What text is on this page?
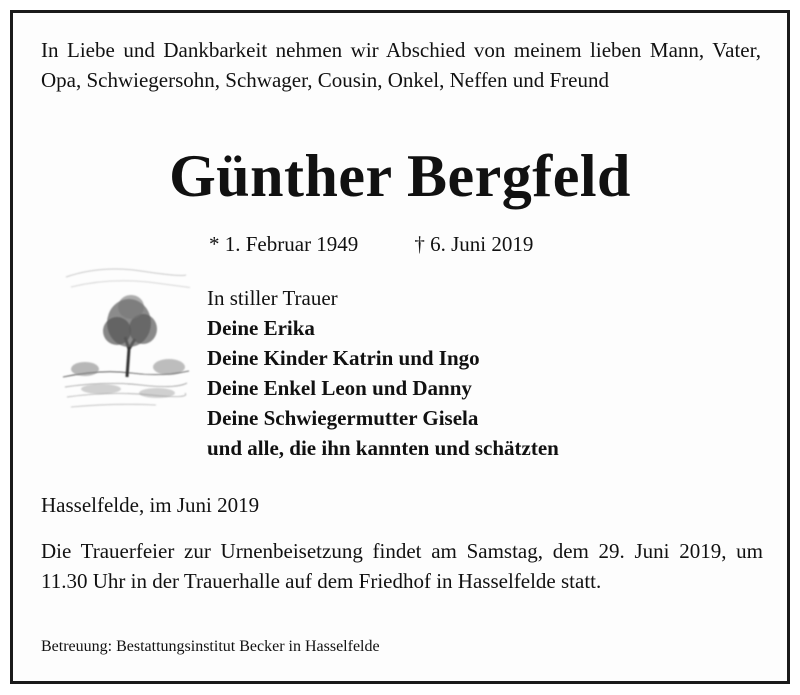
In Liebe und Dankbarkeit nehmen wir Abschied von meinem lieben Mann, Vater, Opa, Schwiegersohn, Schwager, Cousin, Onkel, Neffen und Freund
Günther Bergfeld
* 1. Februar 1949	† 6. Juni 2019
In stiller Trauer
Deine Erika
Deine Kinder Katrin und Ingo
Deine Enkel Leon und Danny
Deine Schwiegermutter Gisela
und alle, die ihn kannten und schätzten
Hasselfelde, im Juni 2019
Die Trauerfeier zur Urnenbeisetzung findet am Samstag, dem 29. Juni 2019, um 11.30 Uhr in der Trauerhalle auf dem Friedhof in Hasselfelde statt.
Betreuung: Bestattungsinstitut Becker in Hasselfelde
